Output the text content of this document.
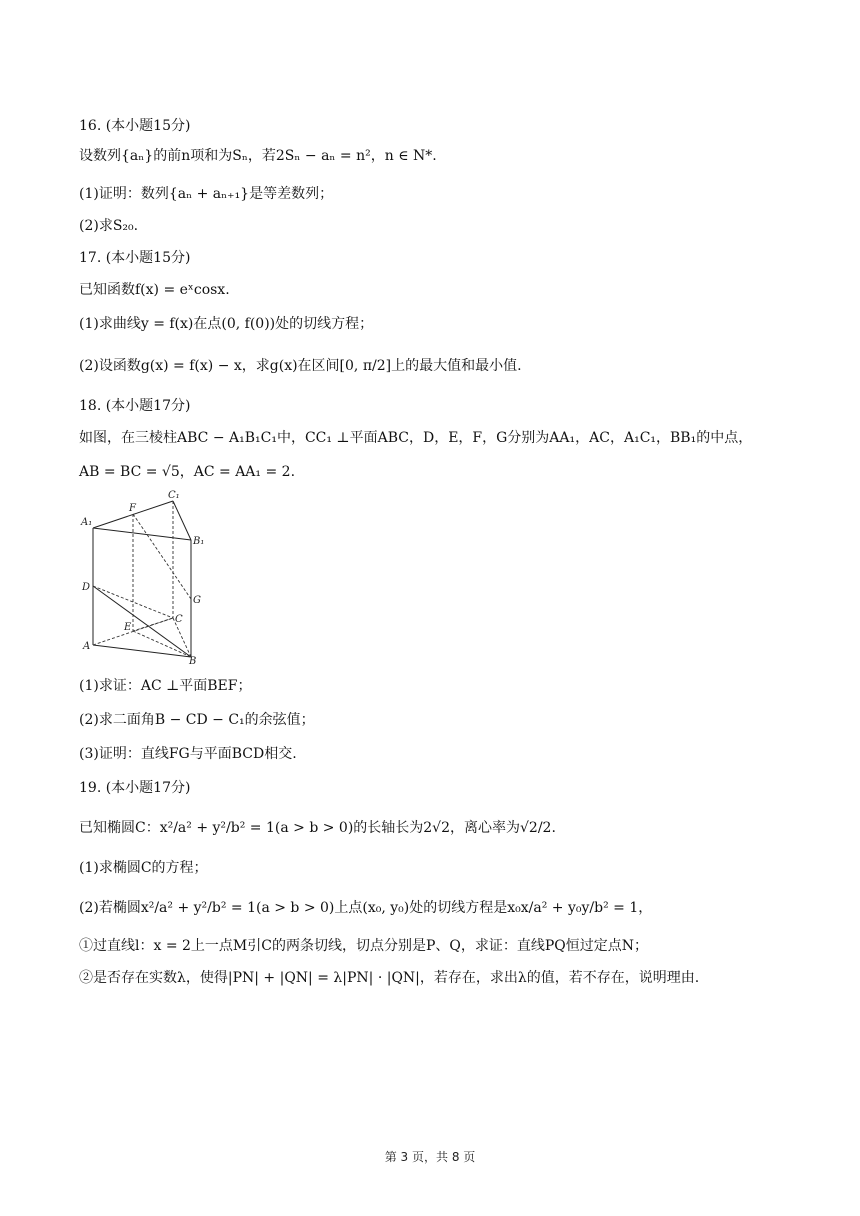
16. (本小题15分)
设数列{aₙ}的前n项和为Sₙ，若2Sₙ − aₙ = n²，n ∈ N*.
(1)证明：数列{aₙ + aₙ₊₁}是等差数列；
(2)求S₂₀.
17. (本小题15分)
已知函数f(x) = eˣcosx.
(1)求曲线y = f(x)在点(0, f(0))处的切线方程；
(2)设函数g(x) = f(x) − x，求g(x)在区间[0, π/2]上的最大值和最小值.
18. (本小题17分)
如图，在三棱柱ABC − A₁B₁C₁中，CC₁ ⊥平面ABC，D，E，F，G分别为AA₁，AC，A₁C₁，BB₁的中点，
AB = BC = √5，AC = AA₁ = 2.
A₁
C₁
B₁
F
D
G
E
C
A
B
(1)求证：AC ⊥平面BEF；
(2)求二面角B − CD − C₁的余弦值；
(3)证明：直线FG与平面BCD相交.
19. (本小题17分)
已知椭圆C：x²/a² + y²/b² = 1(a > b > 0)的长轴长为2√2，离心率为√2/2.
(1)求椭圆C的方程；
(2)若椭圆x²/a² + y²/b² = 1(a > b > 0)上点(x₀, y₀)处的切线方程是x₀x/a² + y₀y/b² = 1，
①过直线l：x = 2上一点M引C的两条切线，切点分别是P、Q，求证：直线PQ恒过定点N；
②是否存在实数λ，使得|PN| + |QN| = λ|PN| · |QN|，若存在，求出λ的值，若不存在，说明理由.
第 3 页，共 8 页
